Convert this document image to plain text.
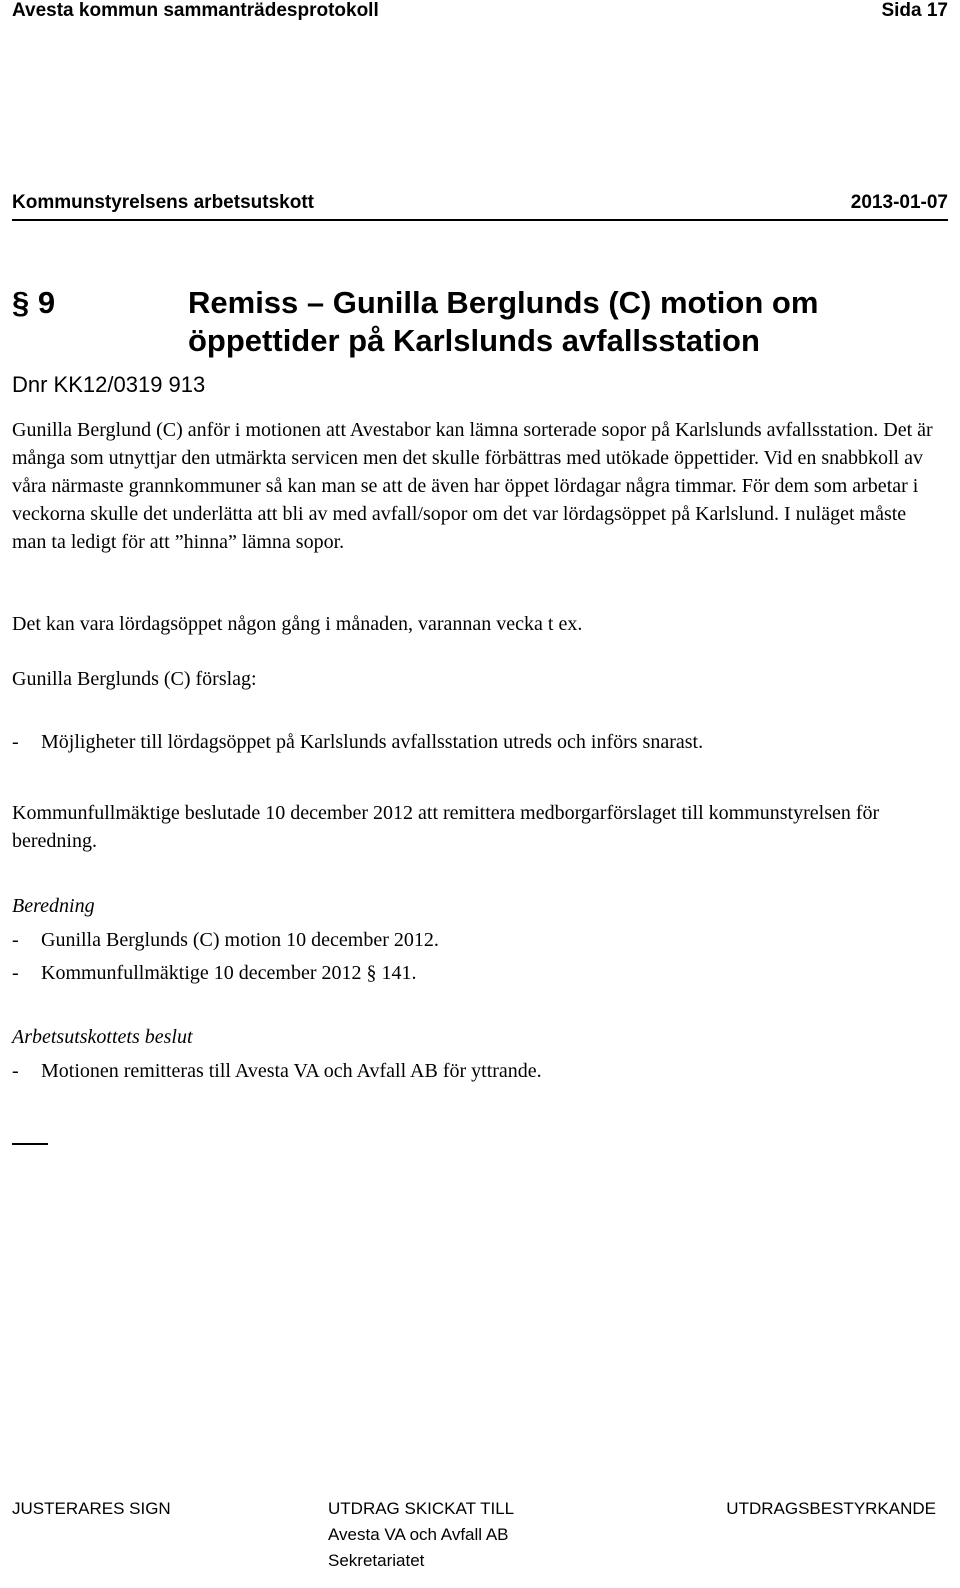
Avesta kommun sammanträdesprotokoll	Sida 17
Kommunstyrelsens arbetsutskott	2013-01-07
§ 9	Remiss – Gunilla Berglunds (C) motion om
öppettider på Karlslunds avfallsstation
Dnr KK12/0319 913
Gunilla Berglund (C) anför i motionen att Avestabor kan lämna sorterade sopor på Karlslunds avfallsstation. Det är många som utnyttjar den utmärkta servicen men det skulle förbättras med utökade öppettider. Vid en snabbkoll av våra närmaste grannkommuner så kan man se att de även har öppet lördagar några timmar. För dem som arbetar i veckorna skulle det underlätta att bli av med avfall/sopor om det var lördagsöppet på Karlslund. I nuläget måste man ta ledigt för att ”hinna” lämna sopor.
Det kan vara lördagsöppet någon gång i månaden, varannan vecka t ex.
Gunilla Berglunds (C) förslag:
- Möjligheter till lördagsöppet på Karlslunds avfallsstation utreds och införs snarast.
Kommunfullmäktige beslutade 10 december 2012 att remittera medborgarförslaget till kommunstyrelsen för beredning.
Beredning
- Gunilla Berglunds (C) motion 10 december 2012.
- Kommunfullmäktige 10 december 2012 § 141.
Arbetsutskottets beslut
- Motionen remitteras till Avesta VA och Avfall AB för yttrande.
JUSTERARES SIGN	UTDRAG SKICKAT TILL
Avesta VA och Avfall AB
Sekretariatet
UTDRAGSBESTYRKANDE
